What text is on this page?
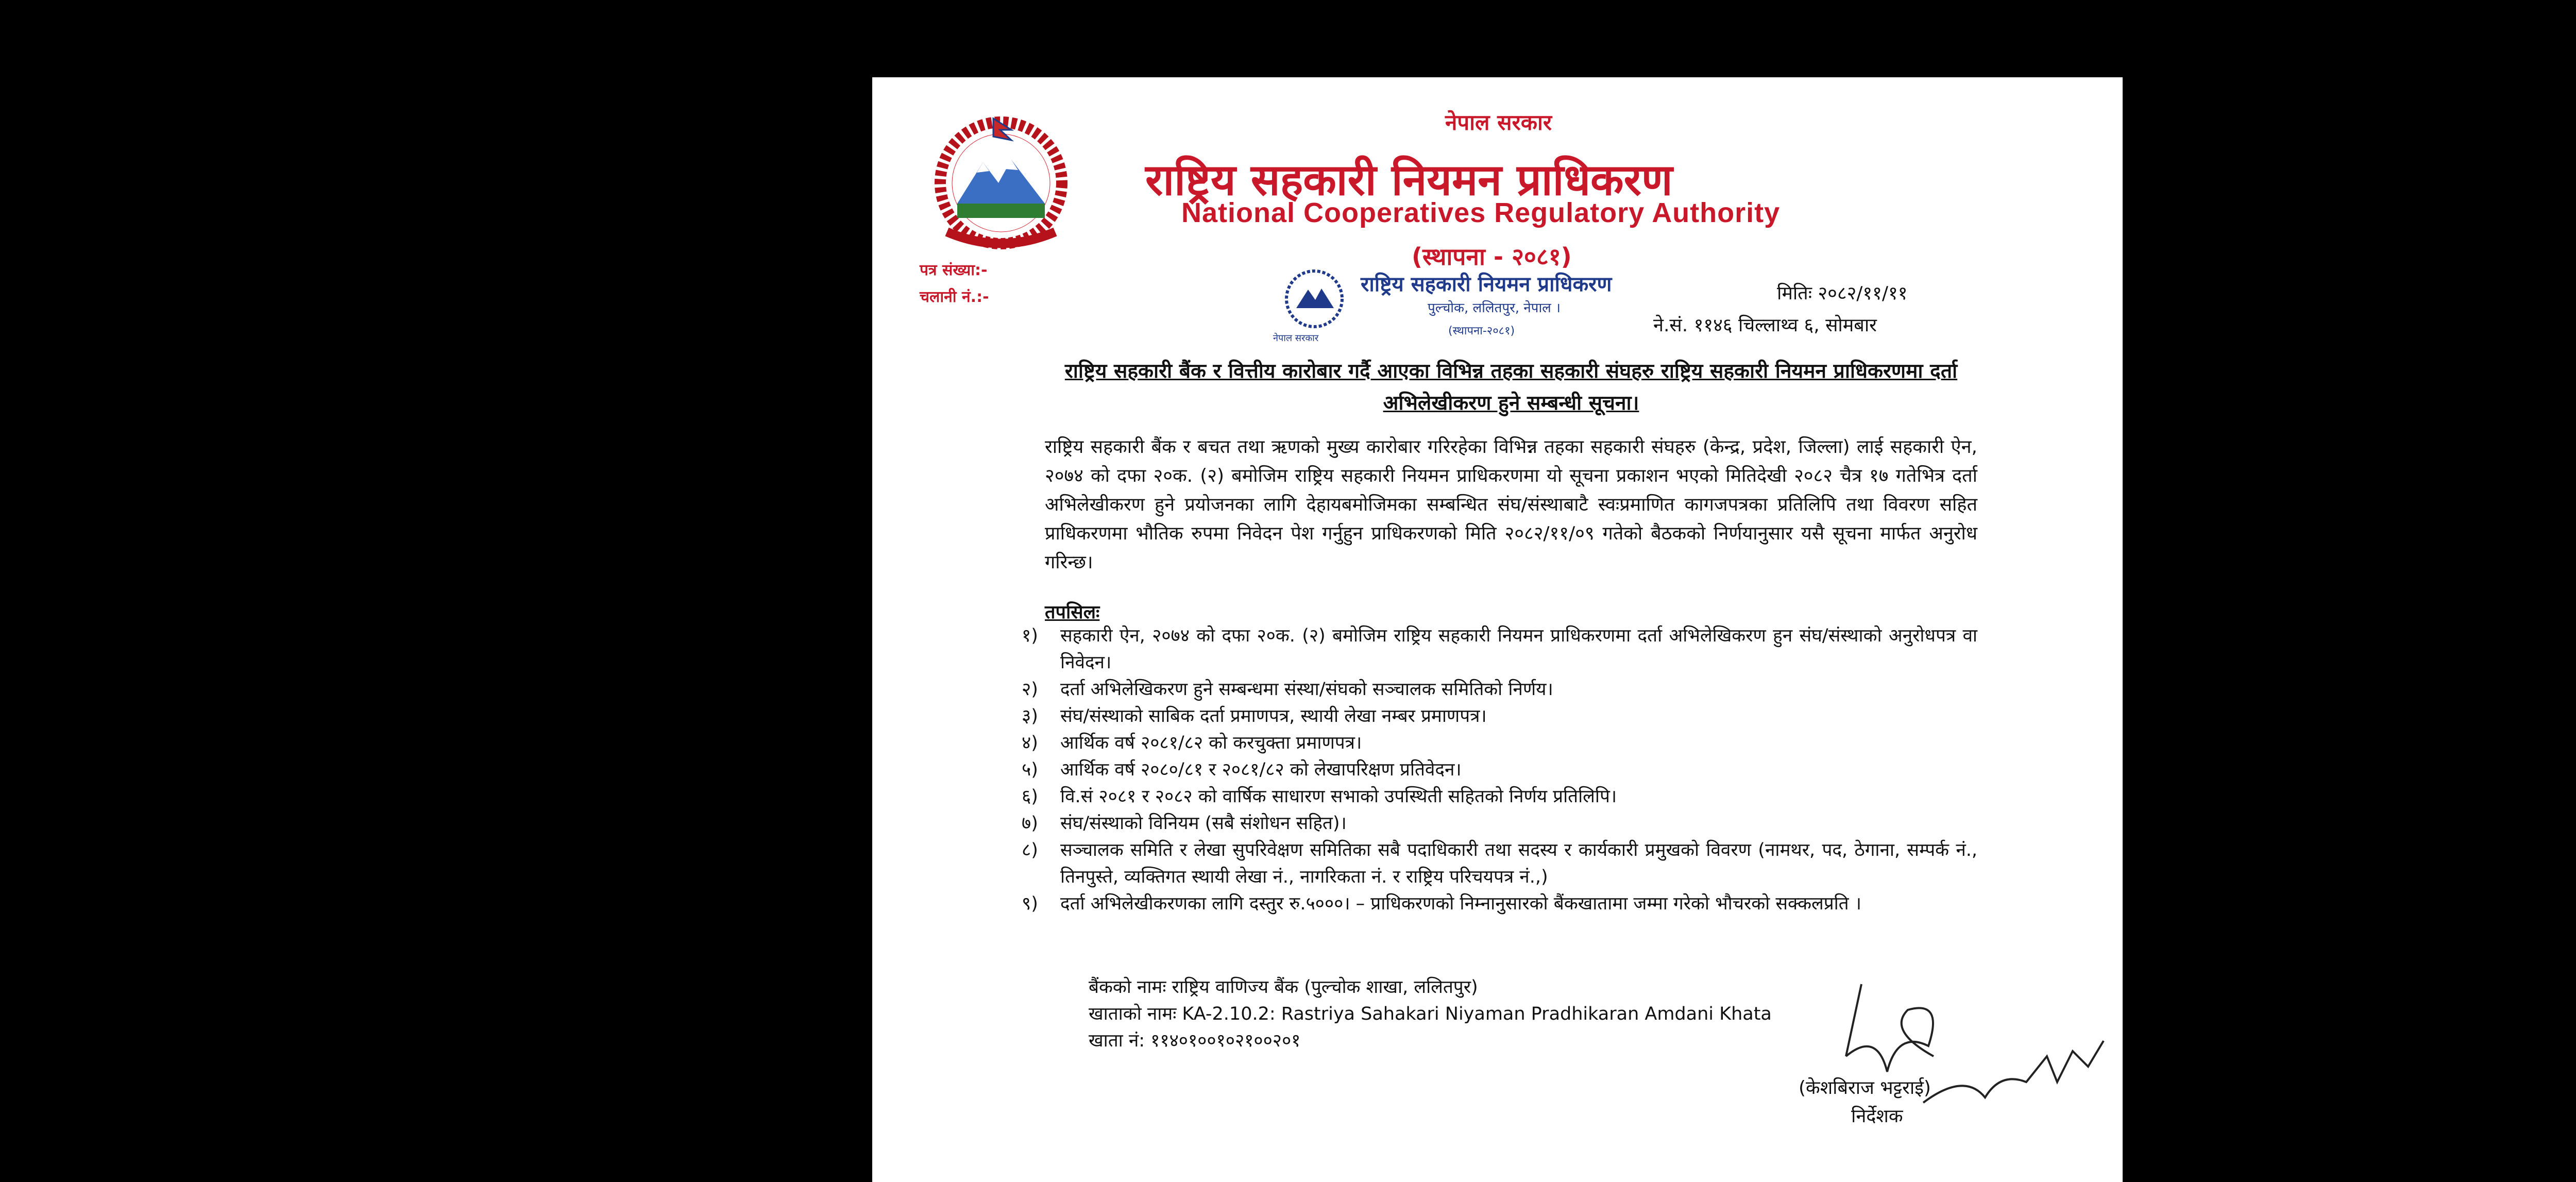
नेपाल सरकार
राष्ट्रिय सहकारी नियमन प्राधिकरण
National Cooperatives Regulatory Authority
(स्थापना - २०८१)
पत्र संख्या:-
चलानी नं.:-
राष्ट्रिय सहकारी नियमन प्राधिकरण
पुल्चोक, ललितपुर, नेपाल ।
(स्थापना-२०८१)
नेपाल सरकार
मितिः २०८२/११/११
ने.सं. ११४६ चिल्लाथ्व ६, सोमबार
राष्ट्रिय सहकारी बैंक र वित्तीय कारोबार गर्दै आएका विभिन्न तहका सहकारी संघहरु राष्ट्रिय सहकारी नियमन प्राधिकरणमा दर्ता अभिलेखीकरण हुने सम्बन्धी सूचना।
राष्ट्रिय सहकारी बैंक र बचत तथा ऋणको मुख्य कारोबार गरिरहेका विभिन्न तहका सहकारी संघहरु (केन्द्र, प्रदेश, जिल्ला) लाई सहकारी ऐन, २०७४ को दफा २०क. (२) बमोजिम राष्ट्रिय सहकारी नियमन प्राधिकरणमा यो सूचना प्रकाशन भएको मितिदेखी २०८२ चैत्र १७ गतेभित्र दर्ता अभिलेखीकरण हुने प्रयोजनका लागि देहायबमोजिमका सम्बन्धित संघ/संस्थाबाटै स्वःप्रमाणित कागजपत्रका प्रतिलिपि तथा विवरण सहित प्राधिकरणमा भौतिक रुपमा निवेदन पेश गर्नुहुन प्राधिकरणको मिति २०८२/११/०९ गतेको बैठकको निर्णयानुसार यसै सूचना मार्फत अनुरोध गरिन्छ।
तपसिलः
१) सहकारी ऐन, २०७४ को दफा २०क. (२) बमोजिम राष्ट्रिय सहकारी नियमन प्राधिकरणमा दर्ता अभिलेखिकरण हुन संघ/संस्थाको अनुरोधपत्र वा निवेदन।
२) दर्ता अभिलेखिकरण हुने सम्बन्धमा संस्था/संघको सञ्चालक समितिको निर्णय।
३) संघ/संस्थाको साबिक दर्ता प्रमाणपत्र, स्थायी लेखा नम्बर प्रमाणपत्र।
४) आर्थिक वर्ष २०८१/८२ को करचुक्ता प्रमाणपत्र।
५) आर्थिक वर्ष २०८०/८१ र २०८१/८२ को लेखापरिक्षण प्रतिवेदन।
६) वि.सं २०८१ र २०८२ को वार्षिक साधारण सभाको उपस्थिती सहितको निर्णय प्रतिलिपि।
७) संघ/संस्थाको विनियम (सबै संशोधन सहित)।
८) सञ्चालक समिति र लेखा सुपरिवेक्षण समितिका सबै पदाधिकारी तथा सदस्य र कार्यकारी प्रमुखको विवरण (नामथर, पद, ठेगाना, सम्पर्क नं., तिनपुस्ते, व्यक्तिगत स्थायी लेखा नं., नागरिकता नं. र राष्ट्रिय परिचयपत्र नं.,)
९) दर्ता अभिलेखीकरणका लागि दस्तुर रु.५०००। – प्राधिकरणको निम्नानुसारको बैंकखातामा जम्मा गरेको भौचरको सक्कलप्रति ।
बैंकको नामः राष्ट्रिय वाणिज्य बैंक (पुल्चोक शाखा, ललितपुर)
खाताको नामः KA-2.10.2: Rastriya Sahakari Niyaman Pradhikaran Amdani Khata
खाता नं: ११४०१००१०२१००२०१
(केशबिराज भट्टराई)
निर्देशक
